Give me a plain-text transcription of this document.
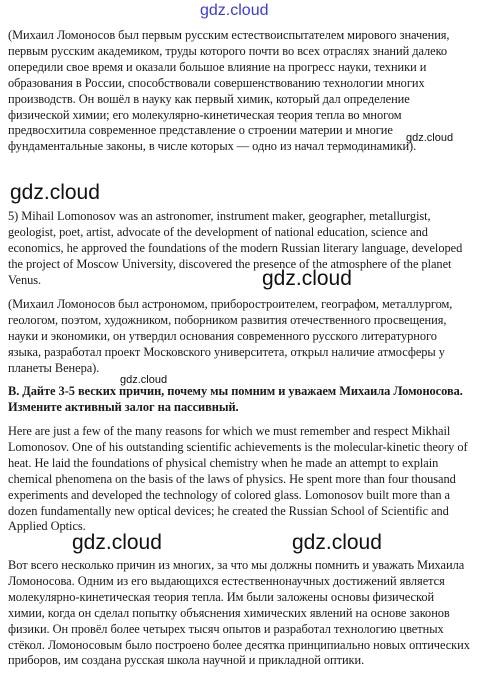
gdz.cloud

(Михаил Ломоносов был первым русским естествоиспытателем мирового значения, первым русским академиком, труды которого почти во всех отраслях знаний далеко опередили свое время и оказали большое влияние на прогресс науки, техники и образования в России, способствовали совершенствованию технологии многих производств. Он вошёл в науку как первый химик, который дал определение физической химии; его молекулярно-кинетическая теория тепла во многом предвосхитила современное представление о строении материи и многие фундаментальные законы, в числе которых — одно из начал термодинамики).

gdz.cloud
gdz.cloud

5) Mihail Lomonosov was an astronomer, instrument maker, geographer, metallurgist, geologist, poet, artist, advocate of the development of national education, science and economics, he approved the foundations of the modern Russian literary language, developed the project of Moscow University, discovered the presence of the atmosphere of the planet Venus.	gdz.cloud

(Михаил Ломоносов был астрономом, приборостроителем, географом, металлургом, геологом, поэтом, художником, поборником развития отечественного просвещения, науки и экономики, он утвердил основания современного русского литературного языка, разработал проект Московского университета, открыл наличие атмосферы у планеты Венера).

gdz.cloud

B. Дайте 3-5 веских причин, почему мы помним и уважаем Михаила Ломоносова. Измените активный залог на пассивный.

Here are just a few of the many reasons for which we must remember and respect Mikhail Lomonosov. One of his outstanding scientific achievements is the molecular-kinetic theory of heat. He laid the foundations of physical chemistry when he made an attempt to explain chemical phenomena on the basis of the laws of physics. He spent more than four thousand experiments and developed the technology of colored glass. Lomonosov built more than a dozen fundamentally new optical devices; he created the Russian School of Scientific and Applied Optics.

gdz.cloud	gdz.cloud

Вот всего несколько причин из многих, за что мы должны помнить и уважать Михаила Ломоносова. Одним из его выдающихся естественнонаучных достижений является молекулярно-кинетическая теория тепла. Им были заложены основы физической химии, когда он сделал попытку объяснения химических явлений на основе законов физики. Он провёл более четырех тысяч опытов и разработал технологию цветных стёкол. Ломоносовым было построено более десятка принципиально новых оптических приборов, им создана русская школа научной и прикладной оптики.
